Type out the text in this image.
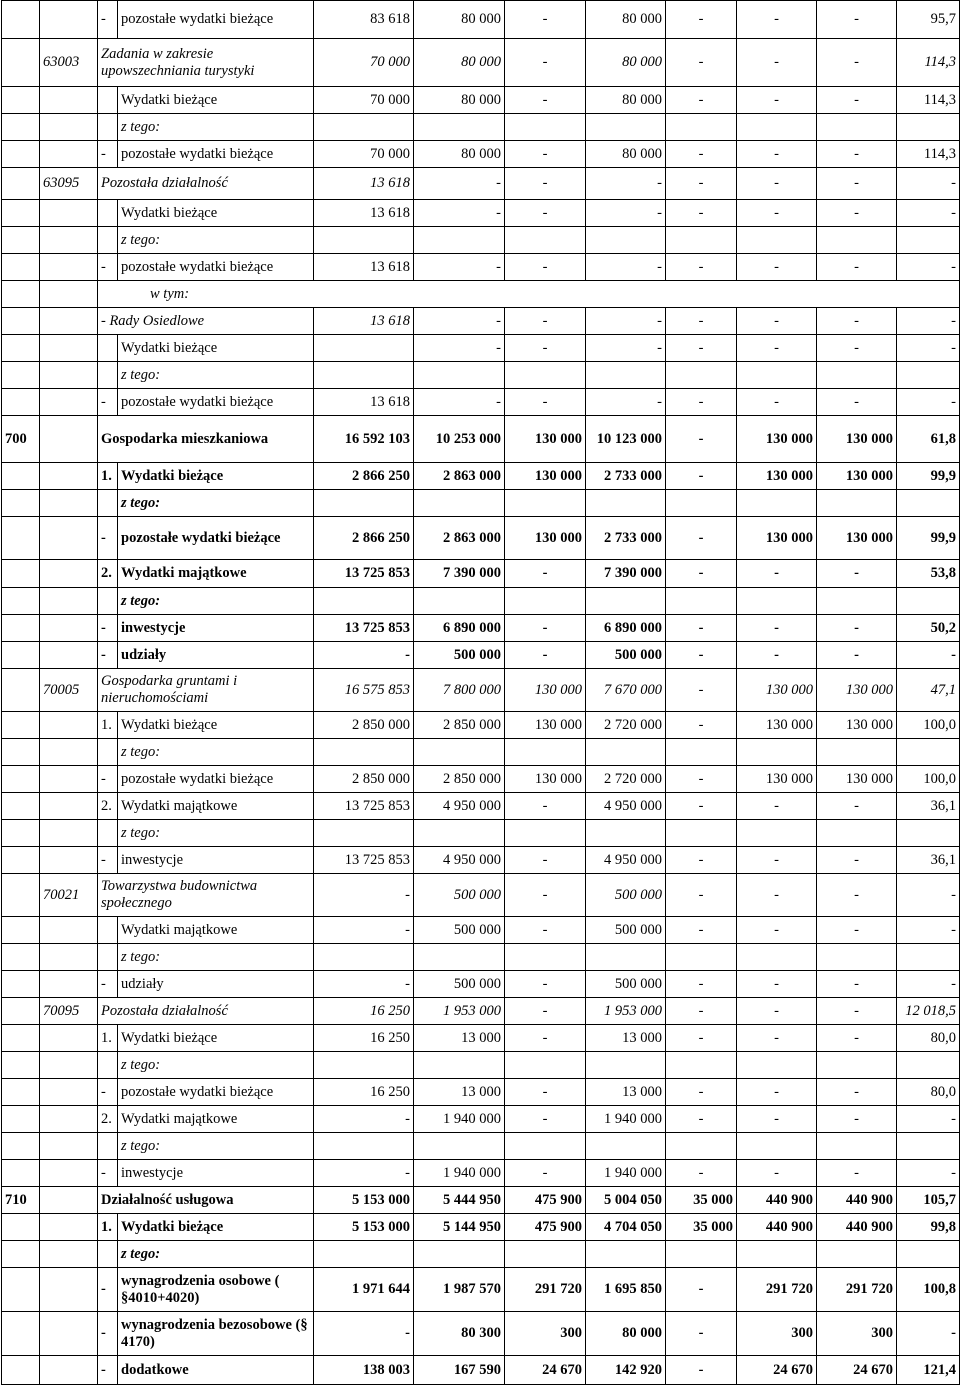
		-	pozostałe wydatki bieżące	83 618	80 000	-	80 000	-	-	-	95,7
	63003	Zadania w zakresie upowszechniania turystyki		70 000	80 000	-	80 000	-	-	-	114,3
			Wydatki bieżące	70 000	80 000	-	80 000	-	-	-	114,3
			z tego:								
		-	pozostałe wydatki bieżące	70 000	80 000	-	80 000	-	-	-	114,3
	63095	Pozostała działalność		13 618	-	-	-	-	-	-	-
			Wydatki bieżące	13 618	-	-	-	-	-	-	-
			z tego:								
		-	pozostałe wydatki bieżące	13 618	-	-	-	-	-	-	-
		w tym:									
		- Rady Osiedlowe		13 618	-	-	-	-	-	-	-
			Wydatki bieżące		-	-	-	-	-	-	-
			z tego:								
		-	pozostałe wydatki bieżące	13 618	-	-	-	-	-	-	-
700		Gospodarka mieszkaniowa		16 592 103	10 253 000	130 000	10 123 000	-	130 000	130 000	61,8
		1.	Wydatki bieżące	2 866 250	2 863 000	130 000	2 733 000	-	130 000	130 000	99,9
			z tego:								
		-	pozostałe wydatki bieżące	2 866 250	2 863 000	130 000	2 733 000	-	130 000	130 000	99,9
		2.	Wydatki majątkowe	13 725 853	7 390 000	-	7 390 000	-	-	-	53,8
			z tego:								
		-	inwestycje	13 725 853	6 890 000	-	6 890 000	-	-	-	50,2
		-	udziały	-	500 000	-	500 000	-	-	-	-
	70005	Gospodarka gruntami i nieruchomościami		16 575 853	7 800 000	130 000	7 670 000	-	130 000	130 000	47,1
		1.	Wydatki bieżące	2 850 000	2 850 000	130 000	2 720 000	-	130 000	130 000	100,0
			z tego:								
		-	pozostałe wydatki bieżące	2 850 000	2 850 000	130 000	2 720 000	-	130 000	130 000	100,0
		2.	Wydatki majątkowe	13 725 853	4 950 000	-	4 950 000	-	-	-	36,1
			z tego:								
		-	inwestycje	13 725 853	4 950 000	-	4 950 000	-	-	-	36,1
	70021	Towarzystwa budownictwa społecznego		-	500 000	-	500 000	-	-	-	-
			Wydatki majątkowe	-	500 000	-	500 000	-	-	-	-
			z tego:								
		-	udziały	-	500 000	-	500 000	-	-	-	-
	70095	Pozostała działalność		16 250	1 953 000	-	1 953 000	-	-	-	12 018,5
		1.	Wydatki bieżące	16 250	13 000	-	13 000	-	-	-	80,0
			z tego:								
		-	pozostałe wydatki bieżące	16 250	13 000	-	13 000	-	-	-	80,0
		2.	Wydatki majątkowe	-	1 940 000	-	1 940 000	-	-	-	-
			z tego:								
		-	inwestycje	-	1 940 000	-	1 940 000	-	-	-	-
710		Działalność usługowa		5 153 000	5 444 950	475 900	5 004 050	35 000	440 900	440 900	105,7
		1.	Wydatki bieżące	5 153 000	5 144 950	475 900	4 704 050	35 000	440 900	440 900	99,8
			z tego:								
		-	wynagrodzenia osobowe ( §4010+4020)	1 971 644	1 987 570	291 720	1 695 850	-	291 720	291 720	100,8
		-	wynagrodzenia bezosobowe (§ 4170)	-	80 300	300	80 000	-	300	300	-
		-	dodatkowe	138 003	167 590	24 670	142 920	-	24 670	24 670	121,4
